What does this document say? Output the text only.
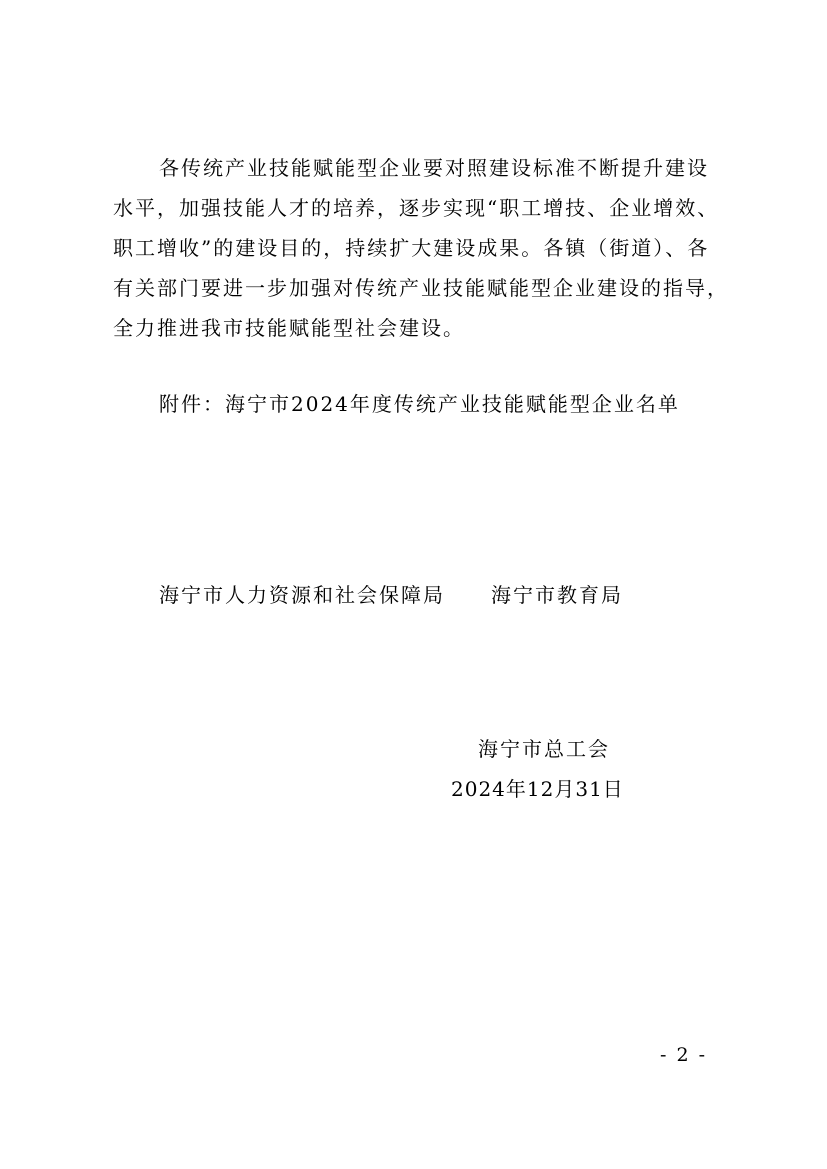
各传统产业技能赋能型企业要对照建设标准不断提升建设
水平，加强技能人才的培养，逐步实现“职工增技、企业增效、
职工增收”的建设目的，持续扩大建设成果。各镇（街道）、各
有关部门要进一步加强对传统产业技能赋能型企业建设的指导，
全力推进我市技能赋能型社会建设。
附件：海宁市2024年度传统产业技能赋能型企业名单
海宁市人力资源和社会保障局 海宁市教育局
海宁市总工会
2024年12月31日
- 2 -
